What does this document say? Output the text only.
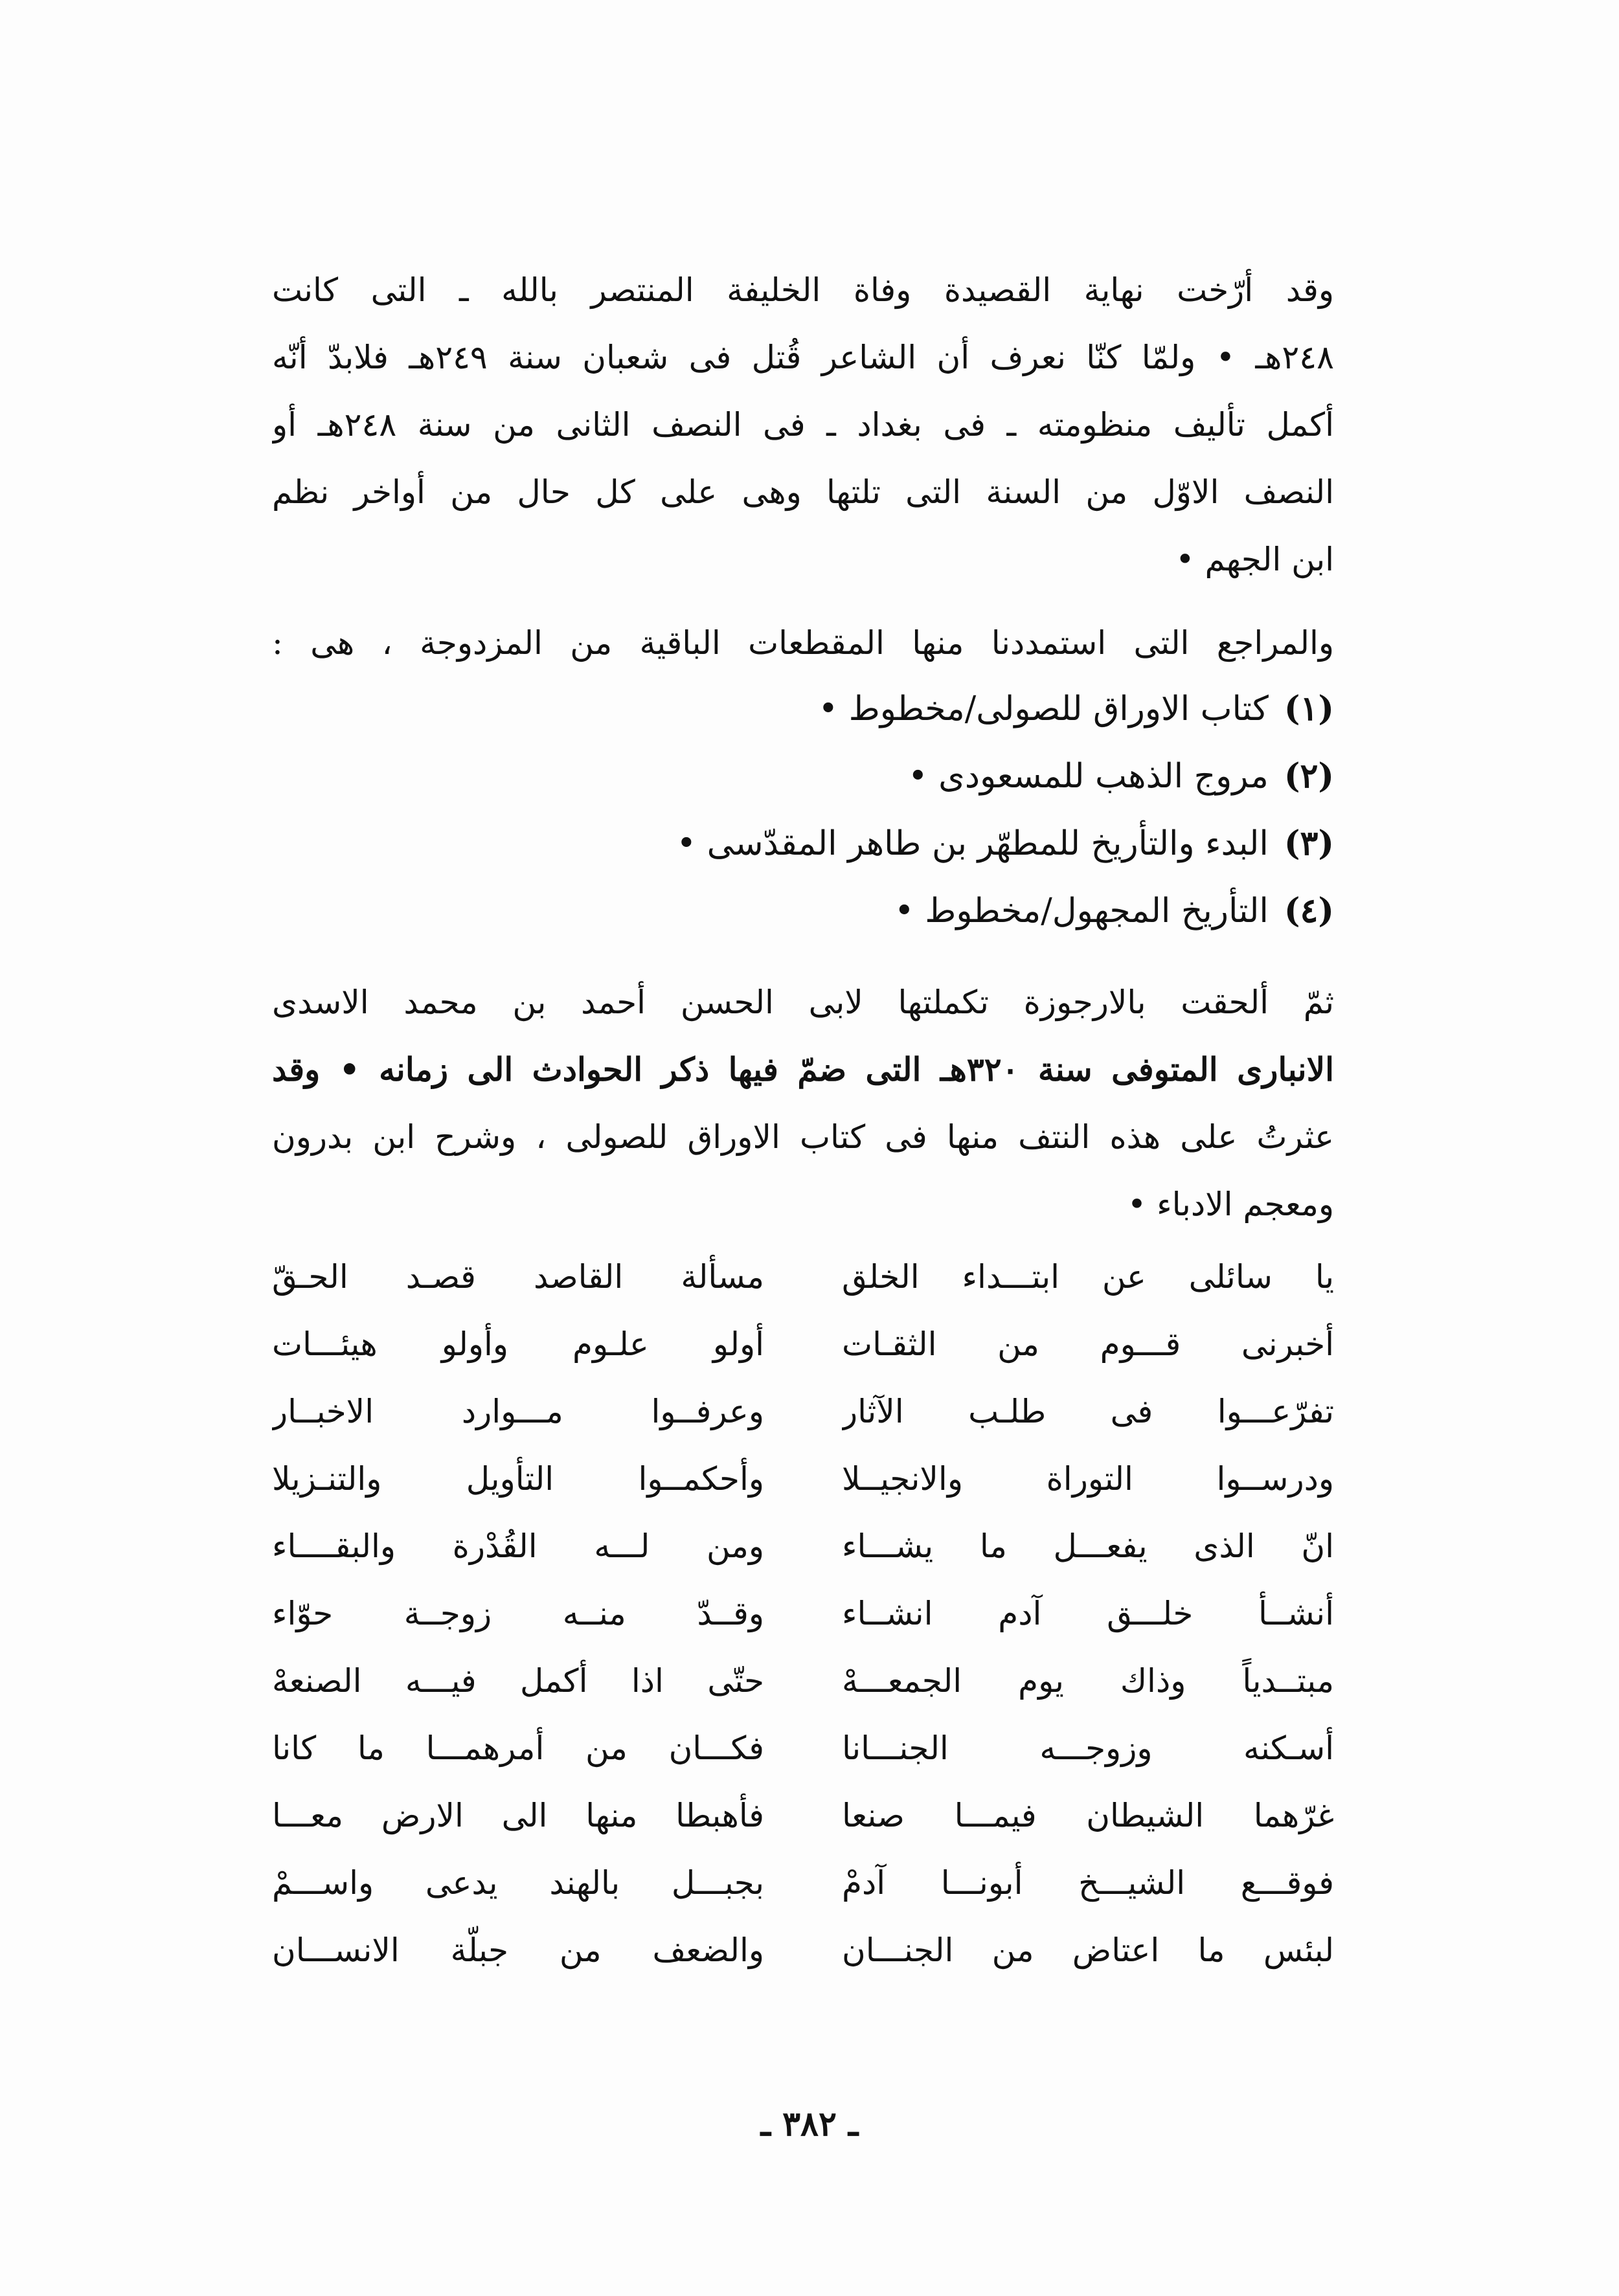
وقد أرّخت نهاية القصيدة وفاة الخليفة المنتصر بالله ـ التى كانت
٢٤٨هـ • ولمّا كنّا نعرف أن الشاعر قُتل فى شعبان سنة ٢٤٩هـ فلابدّ أنّه
أكمل تأليف منظومته ـ فى بغداد ـ فى النصف الثانى من سنة ٢٤٨هـ أو
النصف الاوّل من السنة التى تلتها وهى على كل حال من أواخر نظم
ابن الجهم •
والمراجع التى استمددنا منها المقطعات الباقية من المزدوجة ، هى :
(١)كتاب الاوراق للصولى/مخطوط •
(٢)مروج الذهب للمسعودى •
(٣)البدء والتأريخ للمطهّر بن طاهر المقدّسى •
(٤)التأريخ المجهول/مخطوط •
ثمّ ألحقت بالارجوزة تكملتها لابى الحسن أحمد بن محمد الاسدى
الانبارى المتوفى سنة ٣٢٠هـ التى ضمّ فيها ذكر الحوادث الى زمانه • وقد
عثرتُ على هذه النتف منها فى كتاب الاوراق للصولى ، وشرح ابن بدرون
ومعجم الادباء •
يا سائلى عن ابتـــداء الخلق
مسألة القاصد قصـد الحـقّ
أخبرنى قـــوم من الثقـات
أولو علـوم وأولو هيئـــات
تفرّعـــوا فى طلـب الآثار
وعرفــوا مـــوارد الاخبــار
ودرســوا التوراة والانجيــلا
وأحكمــوا التأويل والتنـزيلا
انّ الذى يفعـــل ما يشـــاء
ومن لـــه القُدْرة والبقــــاء
أنشــأ خلـــق آدم انشــاء
وقــدّ منــه زوجــة حوّاء
مبتــدياً وذاك يوم الجمعـــهْ
حتّى اذا أكمل فيـــه الصنعهْ
أسـكنه وزوجـــه الجنـــانا
فكـــان من أمرهمـــا ما كانا
غرّهما الشيطان فيمـــا صنعا
فأهبطا منها الى الارض معـــا
فوقـــع الشيـــخ أبونـــا آدمْ
بجبـــل بالهند يدعى واســـمْ
لبئس ما اعتاض من الجنـــان
والضعف من جبلّة الانســـان
ـ ٣٨٢ ـ
